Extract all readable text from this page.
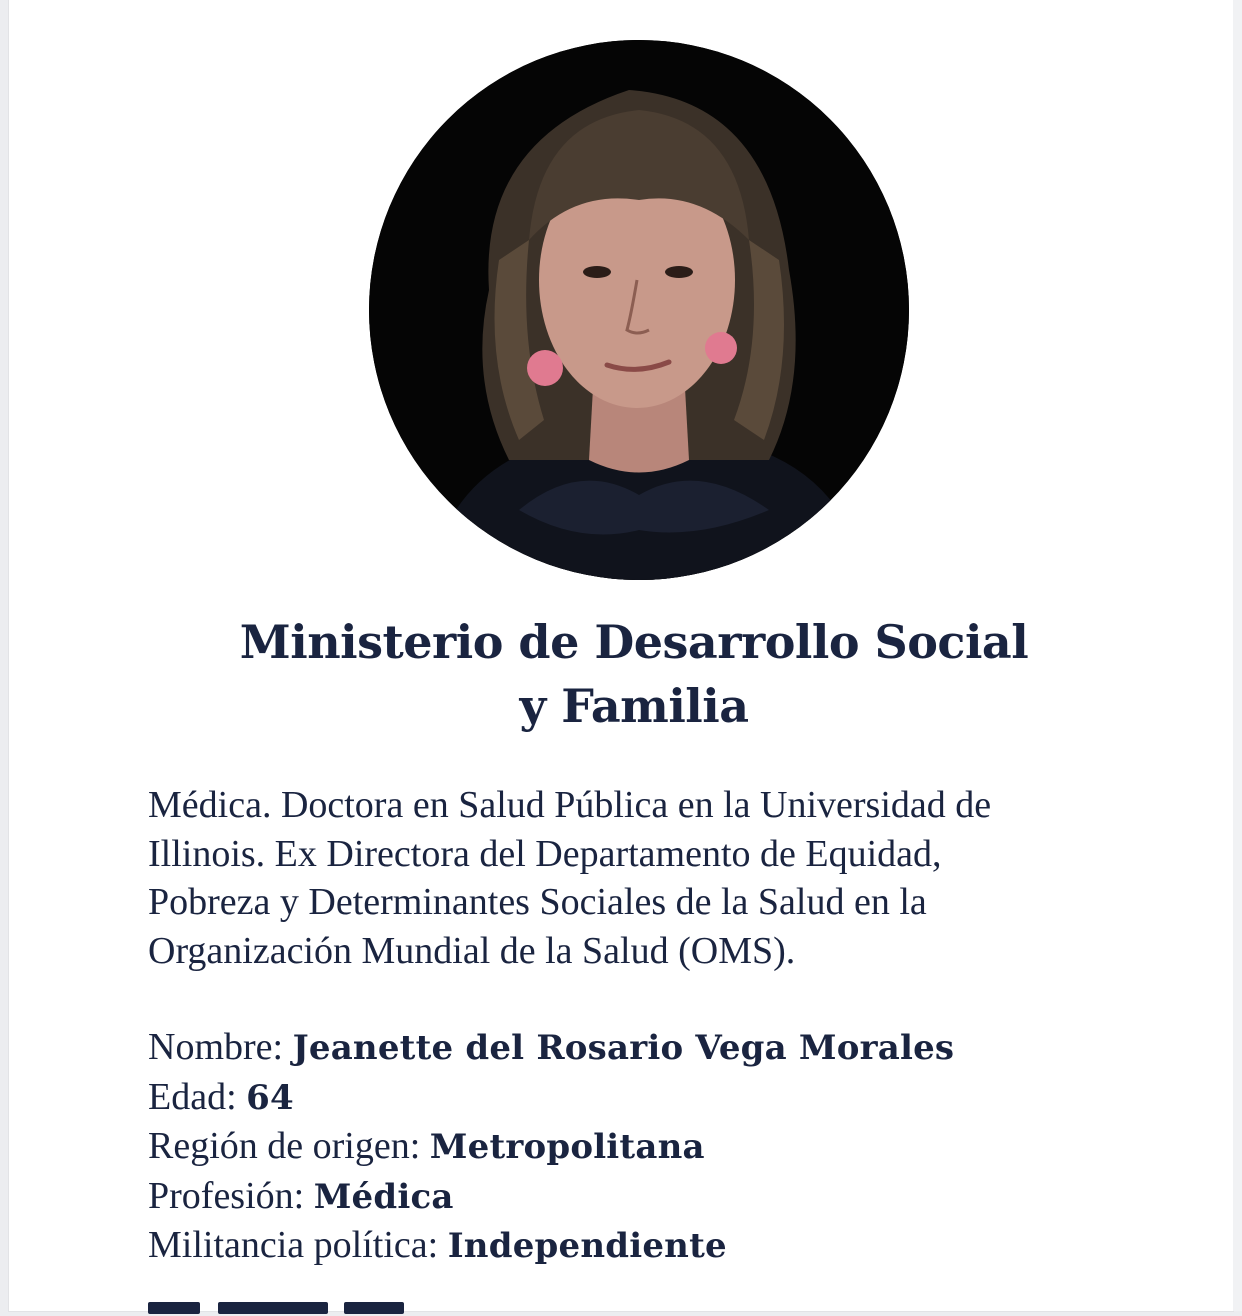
Ministerio de Desarrollo Social
y Familia

Médica. Doctora en Salud Pública en la Universidad de
Illinois. Ex Directora del Departamento de Equidad,
Pobreza y Determinantes Sociales de la Salud en la
Organización Mundial de la Salud (OMS).

Nombre: Jeanette del Rosario Vega Morales
Edad: 64
Región de origen: Metropolitana
Profesión: Médica
Militancia política: Independiente
